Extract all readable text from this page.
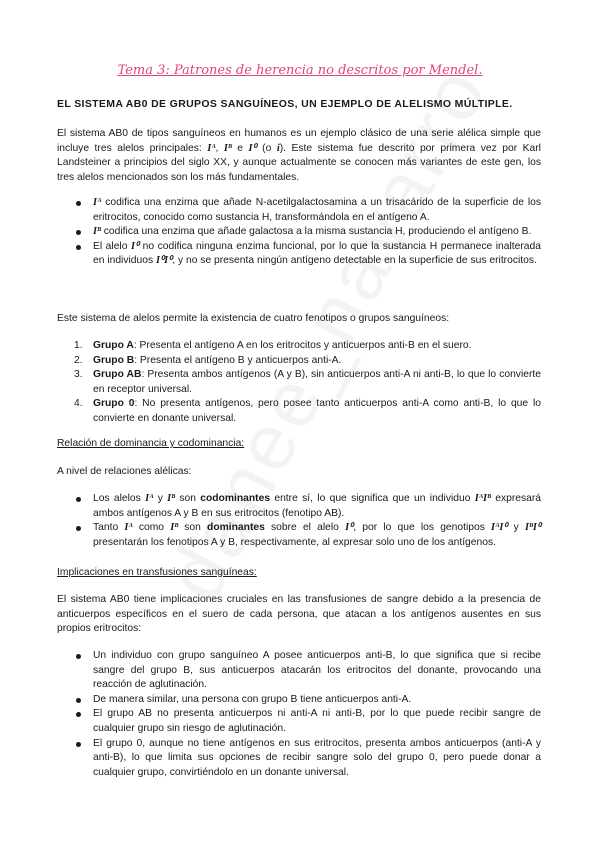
Tema 3: Patrones de herencia no descritos por Mendel.
EL SISTEMA AB0 DE GRUPOS SANGUÍNEOS, UN EJEMPLO DE ALELISMO MÚLTIPLE.

El sistema AB0 de tipos sanguíneos en humanos es un ejemplo clásico de una serie alélica simple que incluye tres alelos principales: Iᴬ, Iᴮ e I⁰ (o i). Este sistema fue descrito por primera vez por Karl Landsteiner a principios del siglo XX, y aunque actualmente se conocen más variantes de este gen, los tres alelos mencionados son los más fundamentales.

Iᴬ codifica una enzima que añade N-acetilgalactosamina a un trisacárido de la superficie de los eritrocitos, conocido como sustancia H, transformándola en el antígeno A.
Iᴮ codifica una enzima que añade galactosa a la misma sustancia H, produciendo el antígeno B.
El alelo I⁰ no codifica ninguna enzima funcional, por lo que la sustancia H permanece inalterada en individuos I⁰I⁰, y no se presenta ningún antígeno detectable en la superficie de sus eritrocitos.

Este sistema de alelos permite la existencia de cuatro fenotipos o grupos sanguíneos:

1. Grupo A: Presenta el antígeno A en los eritrocitos y anticuerpos anti-B en el suero.
2. Grupo B: Presenta el antígeno B y anticuerpos anti-A.
3. Grupo AB: Presenta ambos antígenos (A y B), sin anticuerpos anti-A ni anti-B, lo que lo convierte en receptor universal.
4. Grupo 0: No presenta antígenos, pero posee tanto anticuerpos anti-A como anti-B, lo que lo convierte en donante universal.
Relación de dominancia y codominancia:

A nivel de relaciones alélicas:

Los alelos Iᴬ y Iᴮ son codominantes entre sí, lo que significa que un individuo IᴬIᴮ expresará ambos antígenos A y B en sus eritrocitos (fenotipo AB).
Tanto Iᴬ como Iᴮ son dominantes sobre el alelo I⁰, por lo que los genotipos IᴬI⁰ y IᴮI⁰ presentarán los fenotipos A y B, respectivamente, al expresar solo uno de los antígenos.
Implicaciones en transfusiones sanguíneas:

El sistema AB0 tiene implicaciones cruciales en las transfusiones de sangre debido a la presencia de anticuerpos específicos en el suero de cada persona, que atacan a los antígenos ausentes en sus propios eritrocitos:

Un individuo con grupo sanguíneo A posee anticuerpos anti-B, lo que significa que si recibe sangre del grupo B, sus anticuerpos atacarán los eritrocitos del donante, provocando una reacción de aglutinación.
De manera similar, una persona con grupo B tiene anticuerpos anti-A.
El grupo AB no presenta anticuerpos ni anti-A ni anti-B, por lo que puede recibir sangre de cualquier grupo sin riesgo de aglutinación.
El grupo 0, aunque no tiene antígenos en sus eritrocitos, presenta ambos anticuerpos (anti-A y anti-B), lo que limita sus opciones de recibir sangre solo del grupo 0, pero puede donar a cualquier grupo, convirtiéndolo en un donante universal.
